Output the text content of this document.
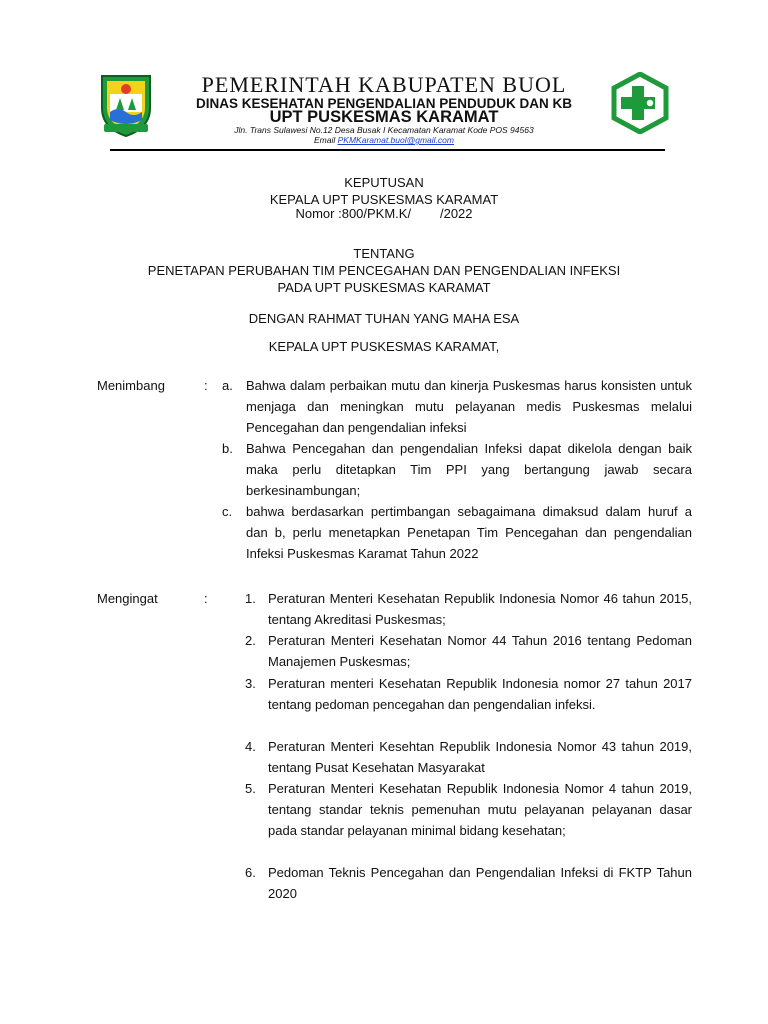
PEMERINTAH KABUPATEN BUOL
DINAS KESEHATAN PENGENDALIAN PENDUDUK DAN KB
UPT PUSKESMAS KARAMAT
Jln. Trans Sulawesi No.12 Desa Busak I Kecamatan Karamat Kode POS 94563
Email PKMKaramat.buol@gmail.com
KEPUTUSAN
KEPALA UPT PUSKESMAS KARAMAT
Nomor :800/PKM.K/        /2022
TENTANG
PENETAPAN PERUBAHAN TIM PENCEGAHAN DAN PENGENDALIAN INFEKSI
PADA UPT PUSKESMAS KARAMAT
DENGAN RAHMAT TUHAN YANG MAHA ESA
KEPALA UPT PUSKESMAS KARAMAT,
Menimbang	: a. Bahwa dalam perbaikan mutu dan kinerja Puskesmas harus konsisten untuk menjaga dan meningkan mutu pelayanan medis Puskesmas melalui Pencegahan dan pengendalian infeksi
b. Bahwa Pencegahan dan pengendalian Infeksi dapat dikelola dengan baik maka perlu ditetapkan Tim PPI yang bertangung jawab secara berkesinambungan;
c. bahwa berdasarkan pertimbangan sebagaimana dimaksud dalam huruf a dan b, perlu menetapkan Penetapan Tim Pencegahan dan pengendalian Infeksi Puskesmas Karamat Tahun 2022
Mengingat	:	1. Peraturan Menteri Kesehatan Republik Indonesia Nomor 46 tahun 2015, tentang Akreditasi Puskesmas;
2. Peraturan Menteri Kesehatan Nomor 44 Tahun 2016 tentang Pedoman Manajemen Puskesmas;
3. Peraturan menteri Kesehatan Republik Indonesia nomor 27 tahun 2017 tentang pedoman pencegahan dan pengendalian infeksi.
4. Peraturan Menteri Kesehtan Republik Indonesia Nomor 43 tahun 2019, tentang Pusat Kesehatan Masyarakat
5. Peraturan Menteri Kesehatan Republik Indonesia Nomor 4 tahun 2019, tentang standar teknis pemenuhan mutu pelayanan pelayanan dasar pada standar pelayanan minimal bidang kesehatan;
6. Pedoman Teknis Pencegahan dan Pengendalian Infeksi di FKTP Tahun 2020
